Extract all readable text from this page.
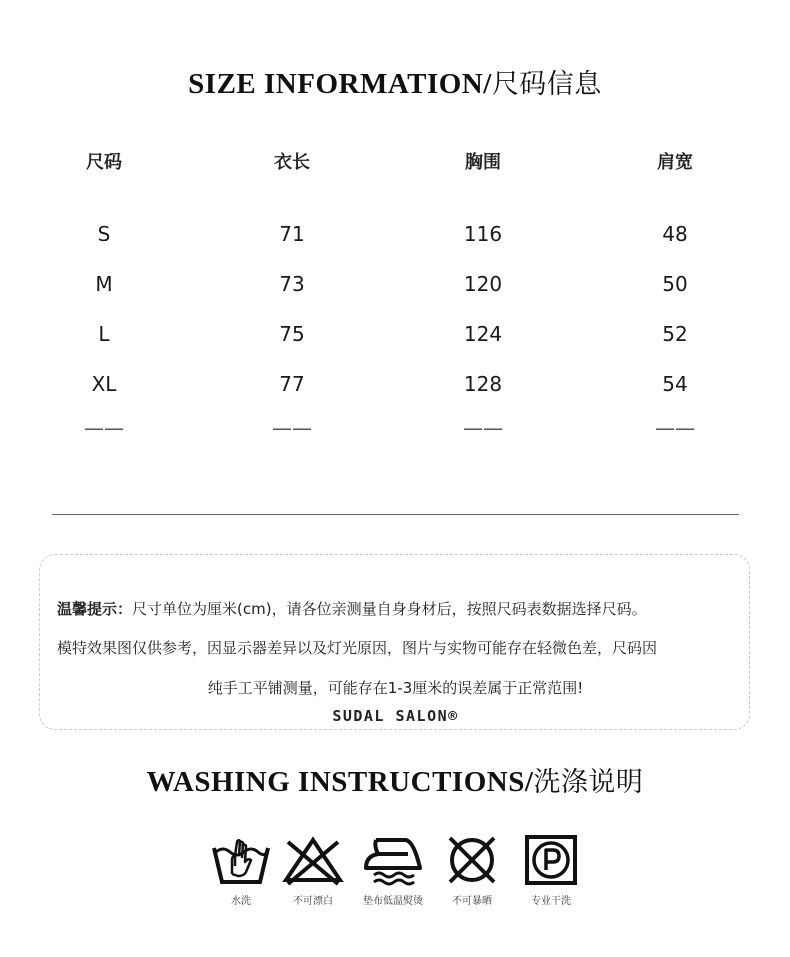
SIZE INFORMATION/尺码信息
尺码	衣长	胸围	肩宽
S	71	116	48
M	73	120	50
L	75	124	52
XL	77	128	54
——	——	——	——
温馨提示：尺寸单位为厘米(cm)，请各位亲测量自身身材后，按照尺码表数据选择尺码。
模特效果图仅供参考，因显示器差异以及灯光原因，图片与实物可能存在轻微色差，尺码因
纯手工平铺测量，可能存在1-3厘米的误差属于正常范围!
SUDAL SALON®
WASHING INSTRUCTIONS/洗涤说明
水洗	不可漂白	垫布低温熨烫	不可暴晒	专业干洗
